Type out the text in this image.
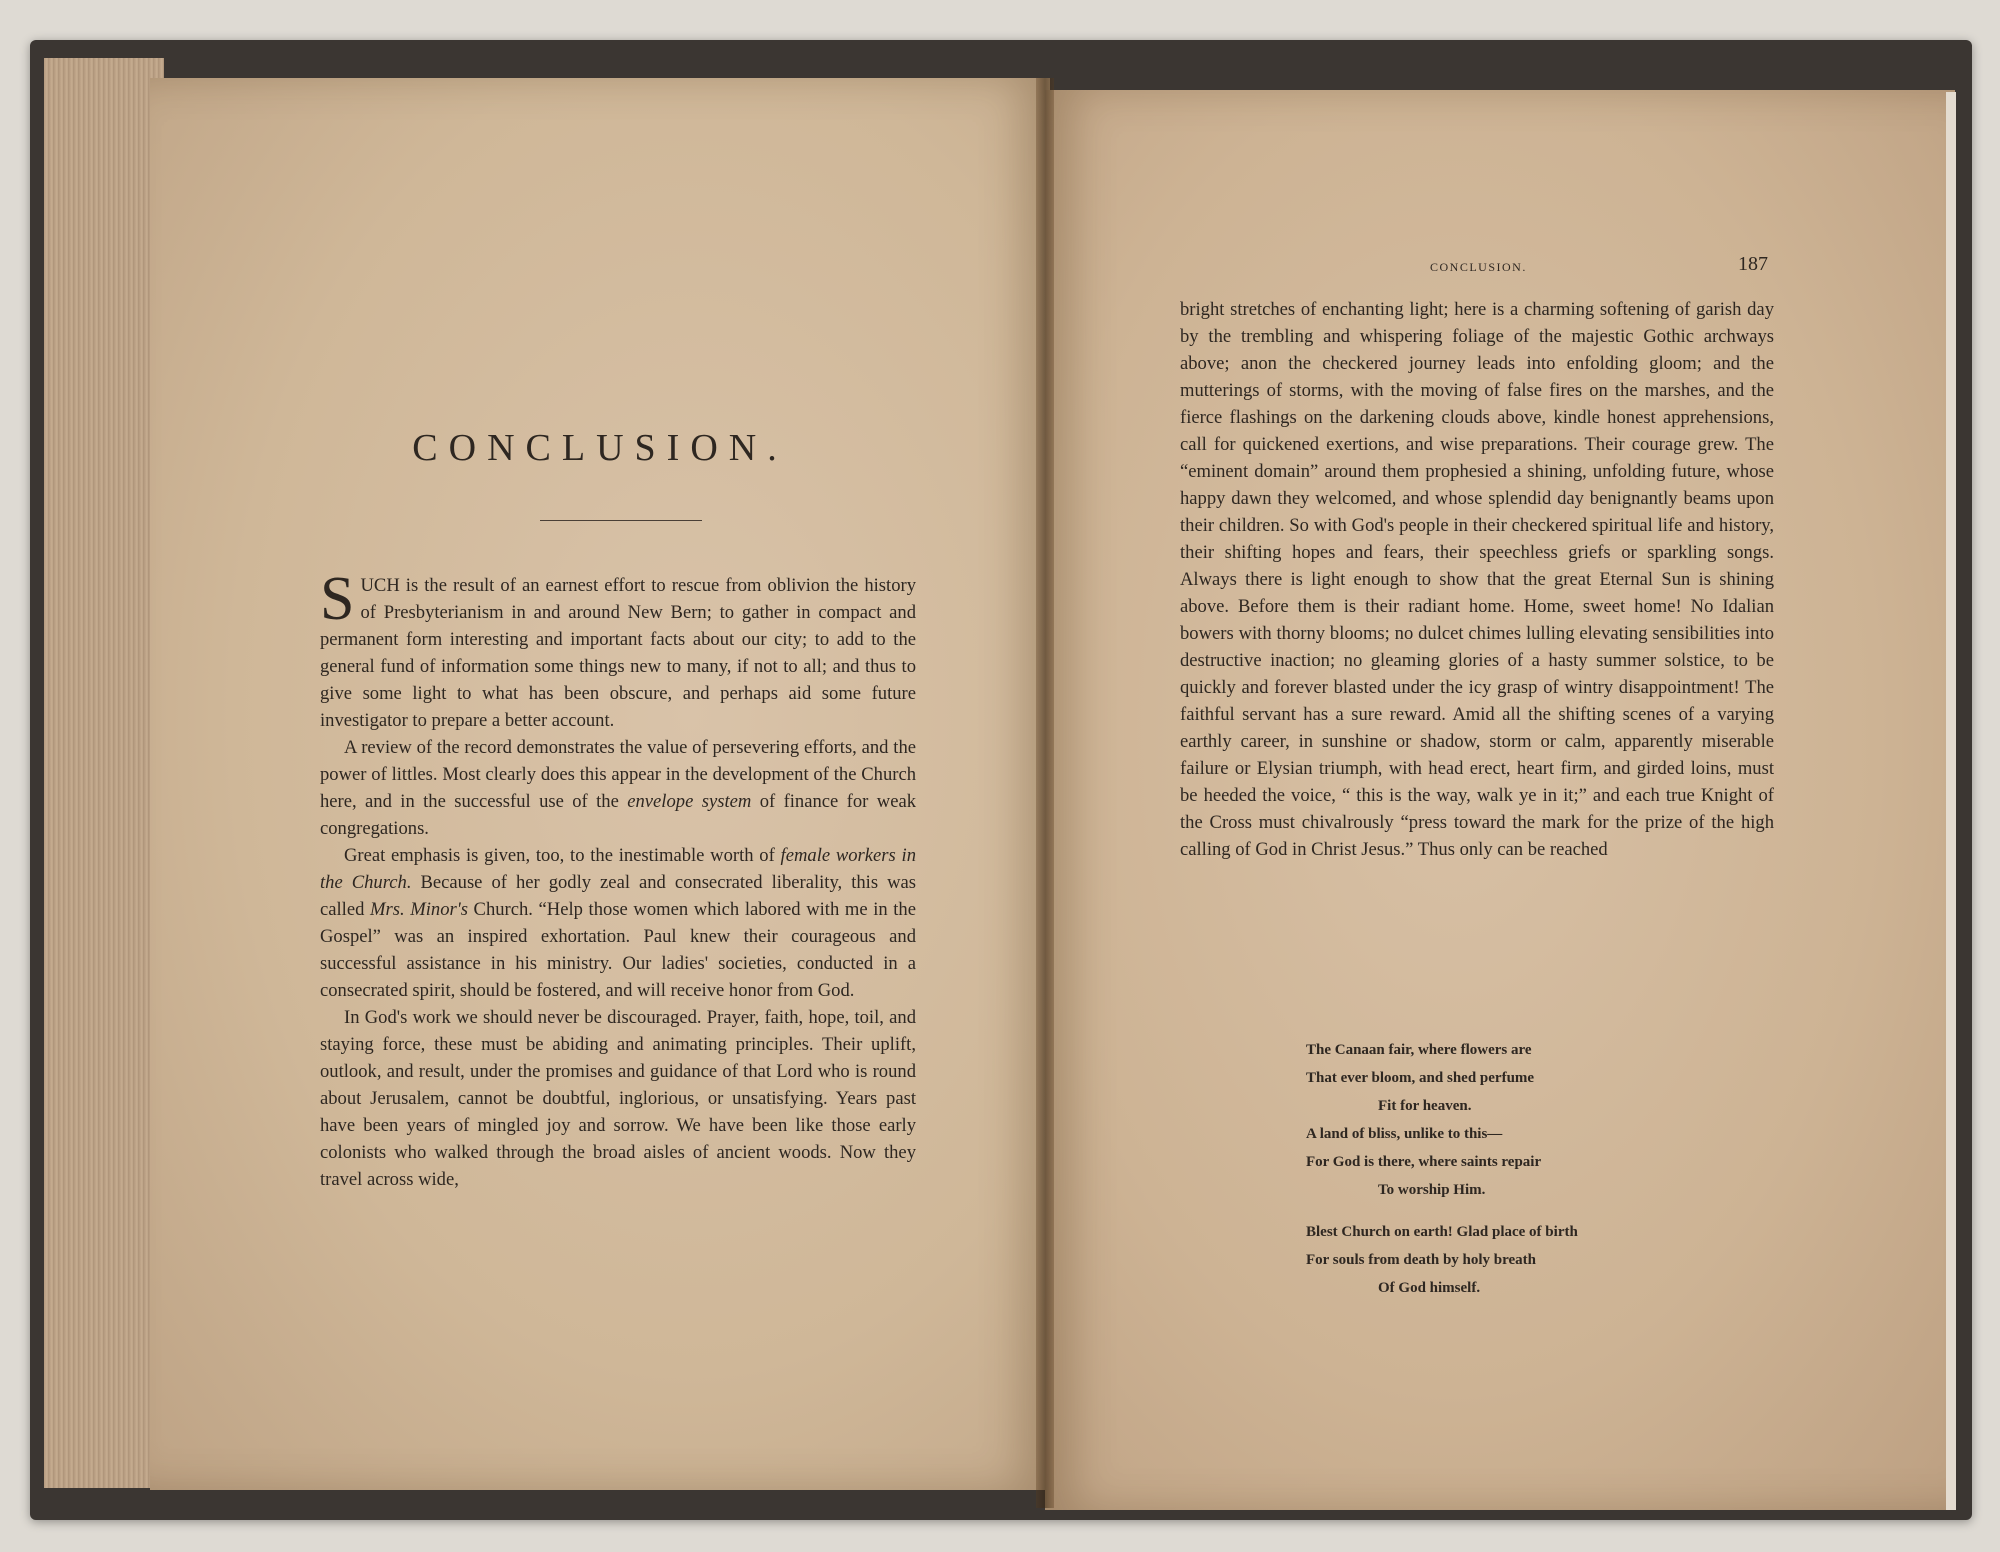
CONCLUSION.

SUCH is the result of an earnest effort to rescue from oblivion the history of Presbyterianism in and around New Bern; to gather in compact and permanent form interesting and important facts about our city; to add to the general fund of information some things new to many, if not to all; and thus to give some light to what has been obscure, and perhaps aid some future investigator to prepare a better account.

A review of the record demonstrates the value of persevering efforts, and the power of littles. Most clearly does this appear in the development of the Church here, and in the successful use of the envelope system of finance for weak congregations.

Great emphasis is given, too, to the inestimable worth of female workers in the Church. Because of her godly zeal and consecrated liberality, this was called Mrs. Minor's Church. “Help those women which labored with me in the Gospel” was an inspired exhortation. Paul knew their courageous and successful assistance in his ministry. Our ladies' societies, conducted in a consecrated spirit, should be fostered, and will receive honor from God.

In God's work we should never be discouraged. Prayer, faith, hope, toil, and staying force, these must be abiding and animating principles. Their uplift, outlook, and result, under the promises and guidance of that Lord who is round about Jerusalem, cannot be doubtful, inglorious, or unsatisfying. Years past have been years of mingled joy and sorrow. We have been like those early colonists who walked through the broad aisles of ancient woods. Now they travel across wide,

CONCLUSION.	187

bright stretches of enchanting light; here is a charming softening of garish day by the trembling and whispering foliage of the majestic Gothic archways above; anon the checkered journey leads into enfolding gloom; and the mutterings of storms, with the moving of false fires on the marshes, and the fierce flashings on the darkening clouds above, kindle honest apprehensions, call for quickened exertions, and wise preparations. Their courage grew. The “eminent domain” around them prophesied a shining, unfolding future, whose happy dawn they welcomed, and whose splendid day benignantly beams upon their children. So with God's people in their checkered spiritual life and history, their shifting hopes and fears, their speechless griefs or sparkling songs. Always there is light enough to show that the great Eternal Sun is shining above. Before them is their radiant home. Home, sweet home! No Idalian bowers with thorny blooms; no dulcet chimes lulling elevating sensibilities into destructive inaction; no gleaming glories of a hasty summer solstice, to be quickly and forever blasted under the icy grasp of wintry disappointment! The faithful servant has a sure reward. Amid all the shifting scenes of a varying earthly career, in sunshine or shadow, storm or calm, apparently miserable failure or Elysian triumph, with head erect, heart firm, and girded loins, must be heeded the voice, “ this is the way, walk ye in it;” and each true Knight of the Cross must chivalrously “press toward the mark for the prize of the high calling of God in Christ Jesus.” Thus only can be reached

The Canaan fair, where flowers are
That ever bloom, and shed perfume
Fit for heaven.
A land of bliss, unlike to this—
For God is there, where saints repair
To worship Him.
Blest Church on earth! Glad place of birth
For souls from death by holy breath
Of God himself.
